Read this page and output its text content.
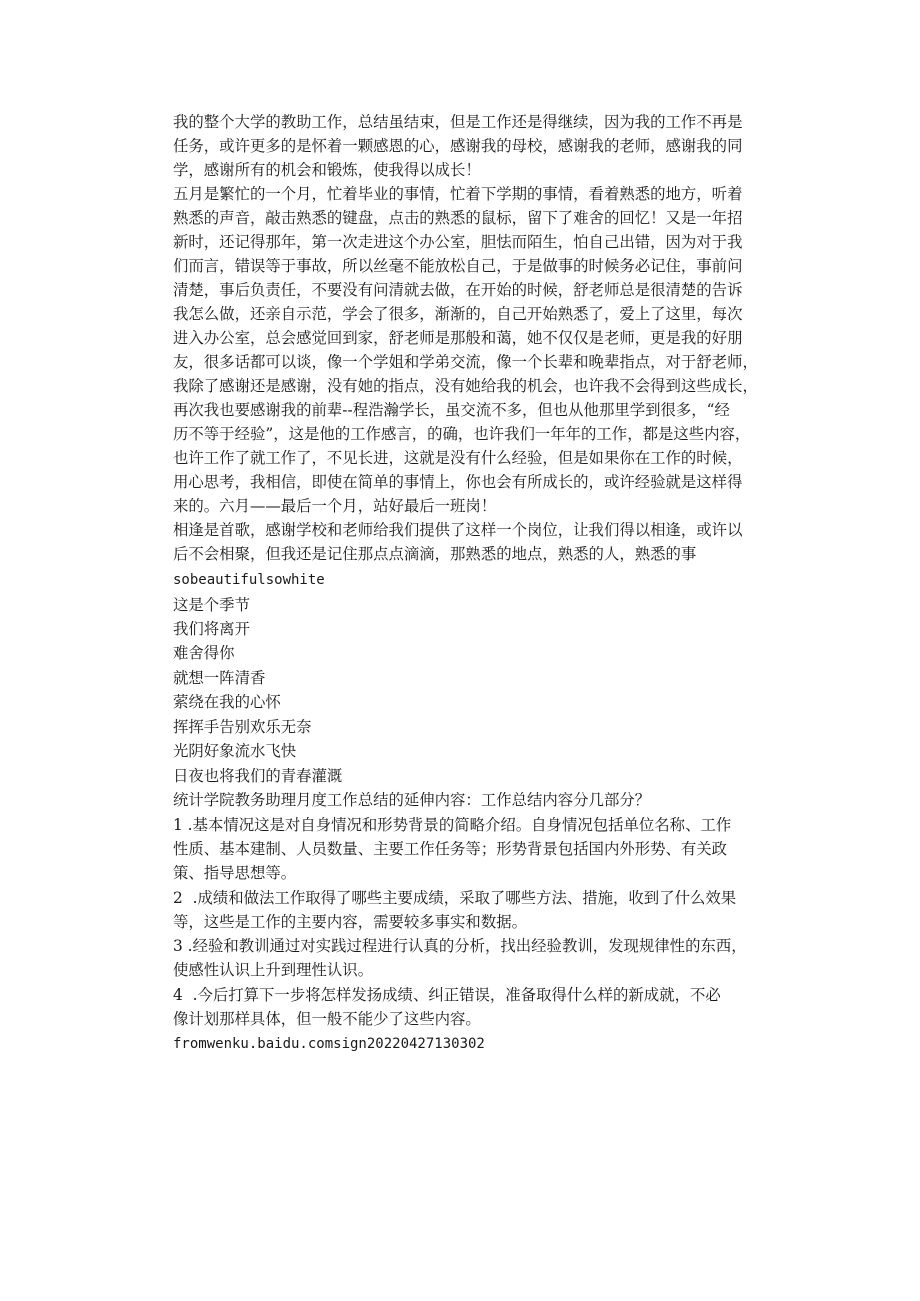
我的整个大学的教助工作，总结虽结束，但是工作还是得继续，因为我的工作不再是

任务，或许更多的是怀着一颗感恩的心，感谢我的母校，感谢我的老师，感谢我的同

学，感谢所有的机会和锻炼，使我得以成长！

五月是繁忙的一个月，忙着毕业的事情，忙着下学期的事情，看着熟悉的地方，听着

熟悉的声音，敲击熟悉的键盘，点击的熟悉的鼠标，留下了难舍的回忆！又是一年招

新时，还记得那年，第一次走进这个办公室，胆怯而陌生，怕自己出错，因为对于我

们而言，错误等于事故，所以丝毫不能放松自己，于是做事的时候务必记住，事前问

清楚，事后负责任，不要没有问清就去做，在开始的时候，舒老师总是很清楚的告诉

我怎么做，还亲自示范，学会了很多，渐渐的，自己开始熟悉了，爱上了这里，每次

进入办公室，总会感觉回到家，舒老师是那般和蔼，她不仅仅是老师，更是我的好朋

友，很多话都可以谈，像一个学姐和学弟交流，像一个长辈和晚辈指点，对于舒老师，

我除了感谢还是感谢，没有她的指点，没有她给我的机会，也许我不会得到这些成长，

再次我也要感谢我的前辈--程浩瀚学长，虽交流不多，但也从他那里学到很多，“经

历不等于经验”，这是他的工作感言，的确，也许我们一年年的工作，都是这些内容，

也许工作了就工作了，不见长进，这就是没有什么经验，但是如果你在工作的时候，

用心思考，我相信，即使在简单的事情上，你也会有所成长的，或许经验就是这样得

来的。六月——最后一个月，站好最后一班岗！

相逢是首歌，感谢学校和老师给我们提供了这样一个岗位，让我们得以相逢，或许以

后不会相聚，但我还是记住那点点滴滴，那熟悉的地点，熟悉的人，熟悉的事

sobeautifulsowhite

这是个季节

我们将离开

难舍得你

就想一阵清香

萦绕在我的心怀

挥挥手告别欢乐无奈

光阴好象流水飞快

日夜也将我们的青春灌溉

统计学院教务助理月度工作总结的延伸内容：工作总结内容分几部分？

1 .基本情况这是对自身情况和形势背景的简略介绍。自身情况包括单位名称、工作

性质、基本建制、人员数量、主要工作任务等；形势背景包括国内外形势、有关政

策、指导思想等。

2  .成绩和做法工作取得了哪些主要成绩，采取了哪些方法、措施，收到了什么效果

等，这些是工作的主要内容，需要较多事实和数据。

3 .经验和教训通过对实践过程进行认真的分析，找出经验教训，发现规律性的东西，

使感性认识上升到理性认识。

4  .今后打算下一步将怎样发扬成绩、纠正错误，准备取得什么样的新成就，不必

像计划那样具体，但一般不能少了这些内容。

fromwenku.baidu.comsign20220427130302
